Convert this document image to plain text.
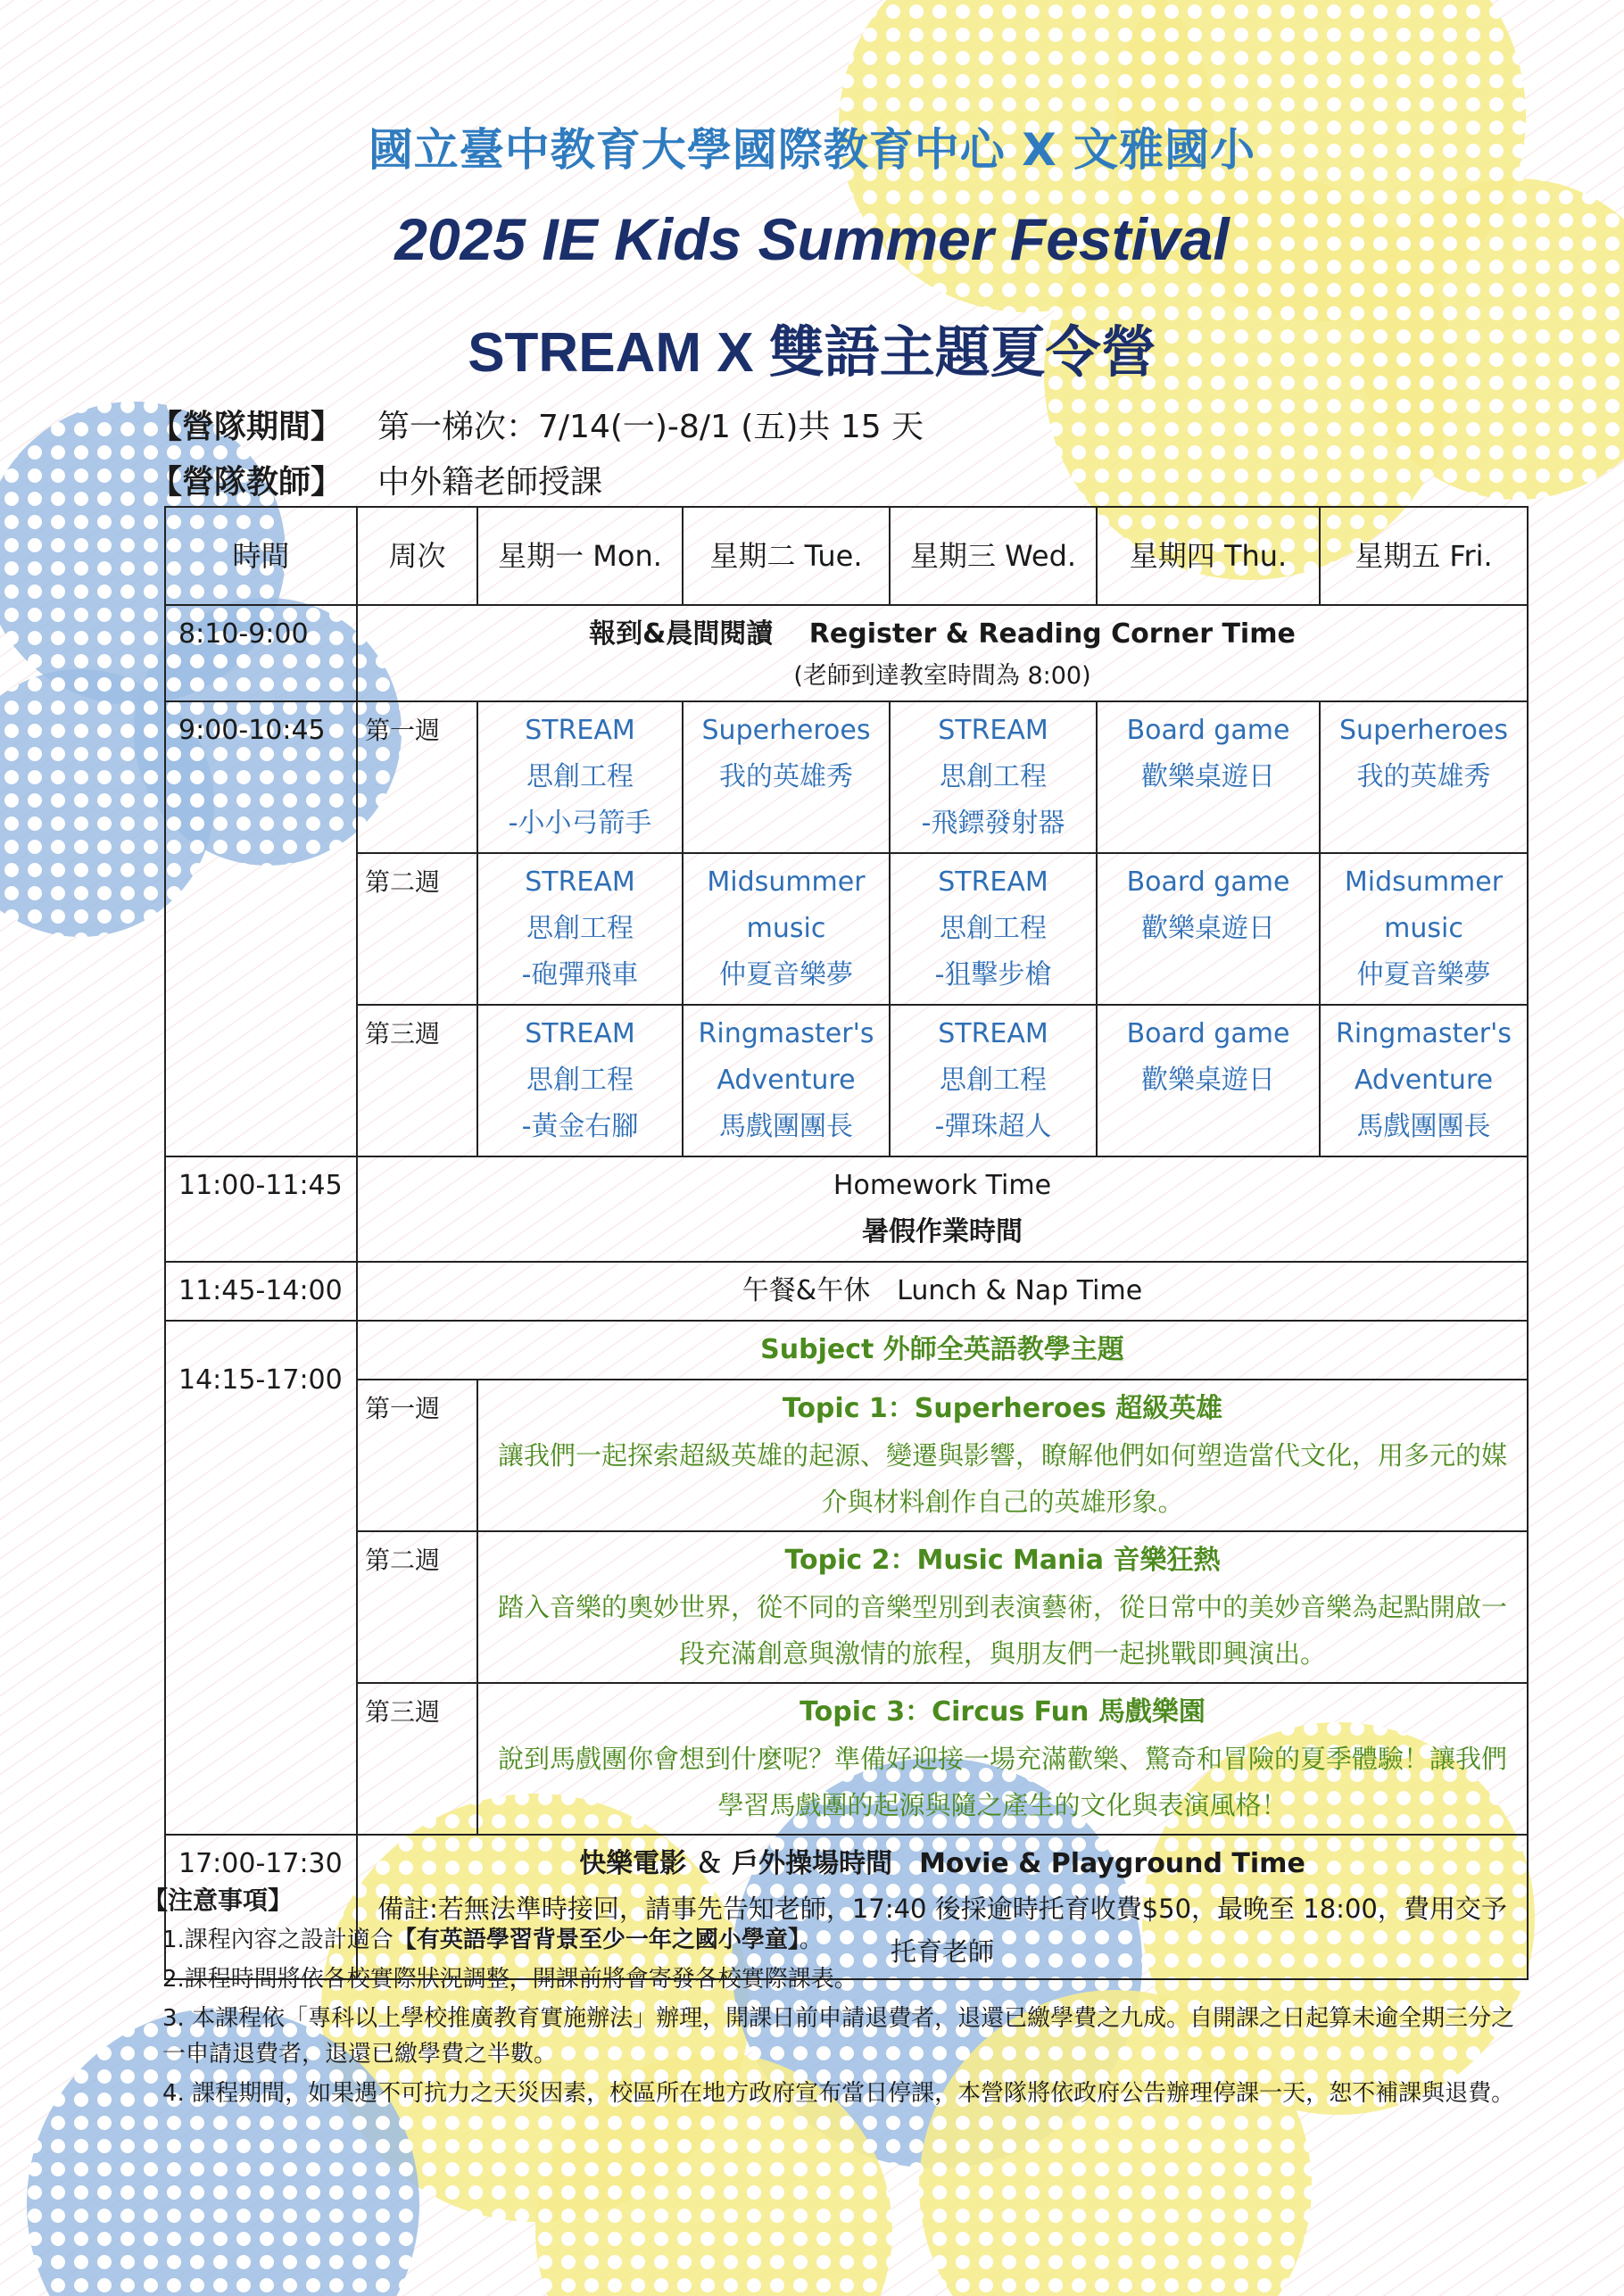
國立臺中教育大學國際教育中心 X 文雅國小
2025 IE Kids Summer Festival
STREAM X 雙語主題夏令營
【營隊期間】	第一梯次：7/14(一)-8/1 (五)共 15 天
【營隊教師】	中外籍老師授課
時間	周次	星期一 Mon.	星期二 Tue.	星期三 Wed.	星期四 Thu.	星期五 Fri.
8:10-9:00	報到&晨間閱讀　 Register & Reading Corner Time
(老師到達教室時間為 8:00)					

9:00-10:45	第一週	STREAM
思創工程
-小小弓箭手	Superheroes
我的英雄秀	STREAM
思創工程
-飛鏢發射器	Board game
歡樂桌遊日	Superheroes
我的英雄秀

	第二週	STREAM
思創工程
-砲彈飛車	Midsummer
music
仲夏音樂夢	STREAM
思創工程
-狙擊步槍	Board game
歡樂桌遊日	Midsummer
music
仲夏音樂夢

	第三週	STREAM
思創工程
-黃金右腳	Ringmaster's
Adventure
馬戲團團長	STREAM
思創工程
-彈珠超人	Board game
歡樂桌遊日	Ringmaster's
Adventure
馬戲團團長

11:00-11:45	Homework Time
暑假作業時間					

11:45-14:00	午餐&午休　Lunch & Nap Time					
14:15-17:00	Subject 外師全英語教學主題					
	第一週	Topic 1：Superheroes 超級英雄
讓我們一起探索超級英雄的起源、變遷與影響，瞭解他們如何塑造當代文化，用多元的媒介與材料創作自己的英雄形象。				

	第二週	Topic 2：Music Mania 音樂狂熱
踏入音樂的奧妙世界，從不同的音樂型別到表演藝術，從日常中的美妙音樂為起點開啟一段充滿創意與激情的旅程，與朋友們一起挑戰即興演出。				

	第三週	Topic 3：Circus Fun 馬戲樂園
說到馬戲團你會想到什麼呢？準備好迎接一場充滿歡樂、驚奇和冒險的夏季體驗！讓我們學習馬戲團的起源與隨之產生的文化與表演風格！				

17:00-17:30	快樂電影 ＆ 戶外操場時間　Movie & Playground Time
備註:若無法準時接回，請事先告知老師，17:40 後採逾時托育收費$50，最晚至 18:00，費用交予托育老師					
【注意事項】
1.課程內容之設計適合【有英語學習背景至少一年之國小學童】。
2.課程時間將依各校實際狀況調整，開課前將會寄發各校實際課表。
3. 本課程依「專科以上學校推廣教育實施辦法」辦理，開課日前申請退費者，退還已繳學費之九成。自開課之日起算未逾全期三分之一申請退費者，退還已繳學費之半數。
4. 課程期間，如果遇不可抗力之天災因素，校區所在地方政府宣布當日停課，本營隊將依政府公告辦理停課一天，恕不補課與退費。
